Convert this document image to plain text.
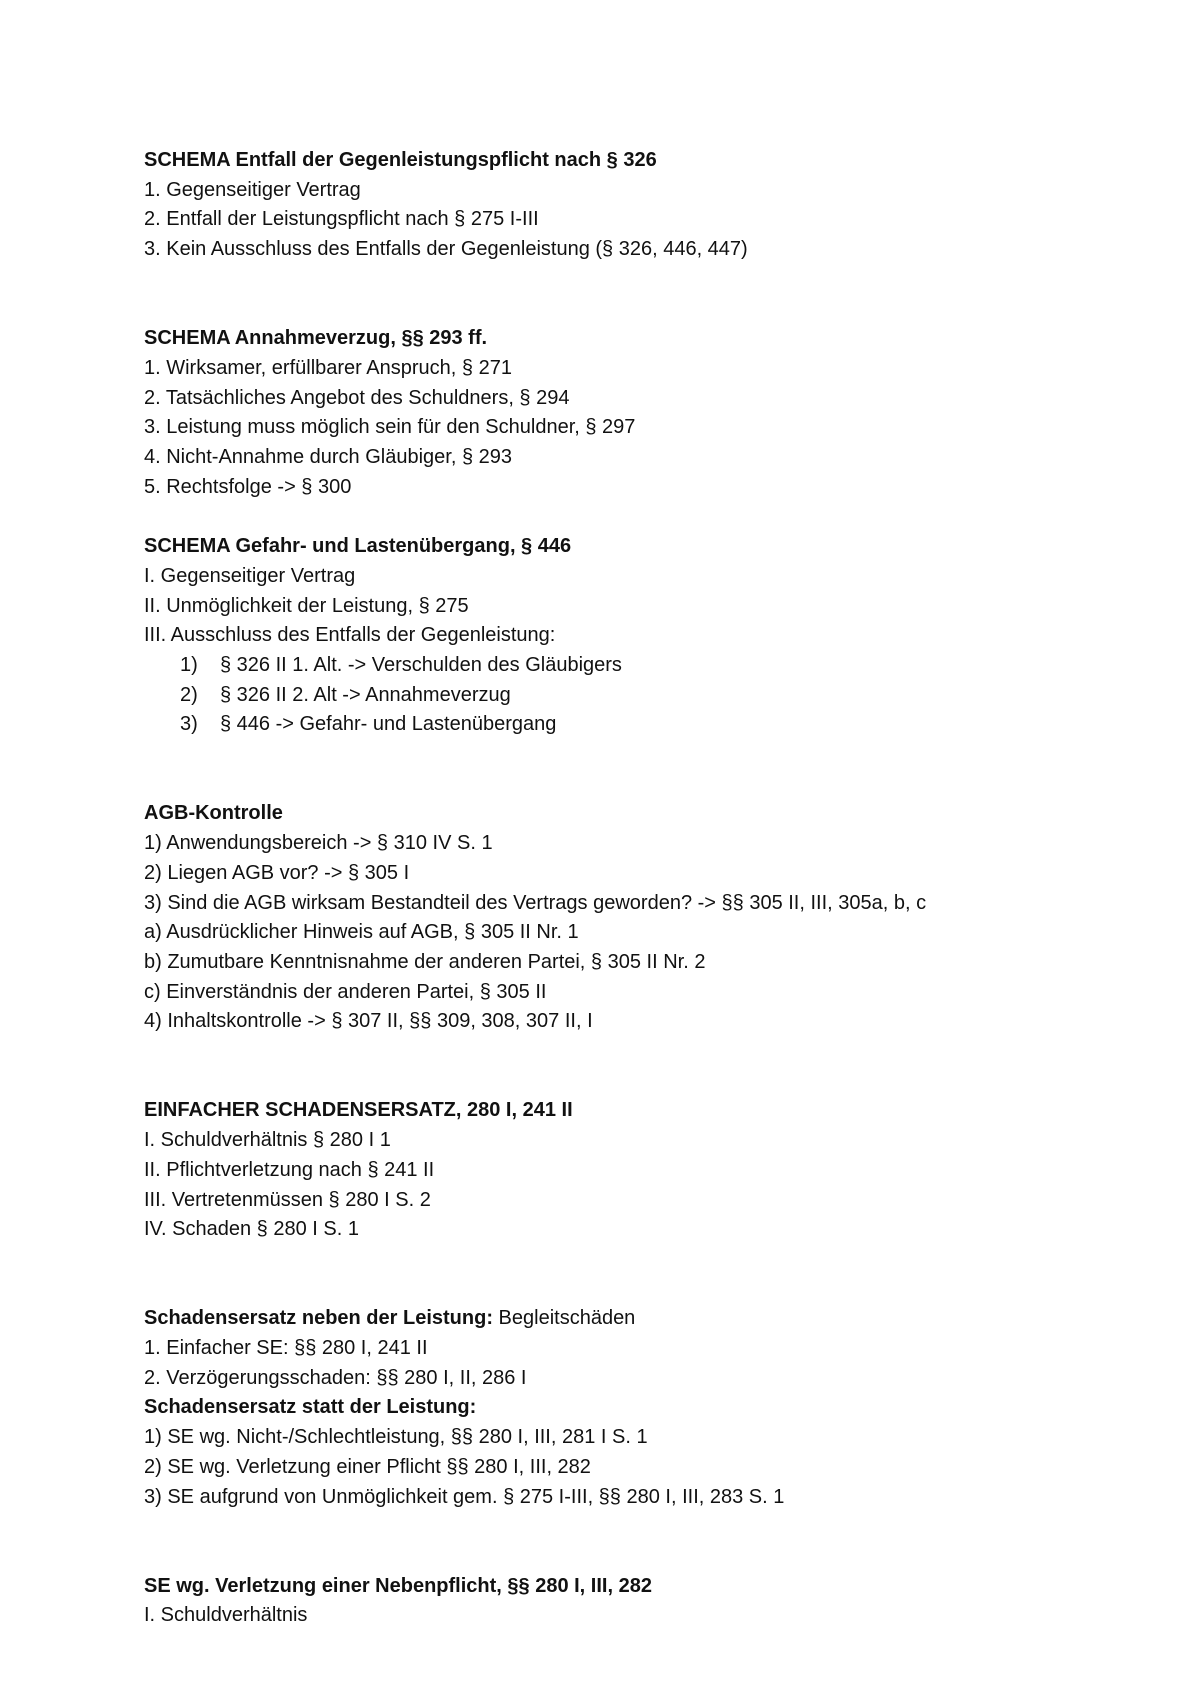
SCHEMA Entfall der Gegenleistungspflicht nach § 326
1. Gegenseitiger Vertrag
2. Entfall der Leistungspflicht nach § 275 I-III
3. Kein Ausschluss des Entfalls der Gegenleistung (§ 326, 446, 447)
SCHEMA Annahmeverzug, §§ 293 ff.
1. Wirksamer, erfüllbarer Anspruch, § 271
2. Tatsächliches Angebot des Schuldners, § 294
3. Leistung muss möglich sein für den Schuldner, § 297
4. Nicht-Annahme durch Gläubiger, § 293
5. Rechtsfolge -> § 300
SCHEMA Gefahr- und Lastenübergang, § 446
I. Gegenseitiger Vertrag
II. Unmöglichkeit der Leistung, § 275
III. Ausschluss des Entfalls der Gegenleistung:
1) § 326 II 1. Alt. -> Verschulden des Gläubigers
2) § 326 II 2. Alt -> Annahmeverzug
3) § 446 -> Gefahr- und Lastenübergang
AGB-Kontrolle
1) Anwendungsbereich -> § 310 IV S. 1
2) Liegen AGB vor? -> § 305 I
3) Sind die AGB wirksam Bestandteil des Vertrags geworden? -> §§ 305 II, III, 305a, b, c
a) Ausdrücklicher Hinweis auf AGB, § 305 II Nr. 1
b) Zumutbare Kenntnisnahme der anderen Partei, § 305 II Nr. 2
c) Einverständnis der anderen Partei, § 305 II
4) Inhaltskontrolle -> § 307 II, §§ 309, 308, 307 II, I
EINFACHER SCHADENSERSATZ, 280 I, 241 II
I. Schuldverhältnis § 280 I 1
II. Pflichtverletzung nach § 241 II
III. Vertretenmüssen § 280 I S. 2
IV. Schaden § 280 I S. 1
Schadensersatz neben der Leistung: Begleitschäden
1. Einfacher SE: §§ 280 I, 241 II
2. Verzögerungsschaden: §§ 280 I, II, 286 I
Schadensersatz statt der Leistung:
1) SE wg. Nicht-/Schlechtleistung, §§ 280 I, III, 281 I S. 1
2) SE wg. Verletzung einer Pflicht §§ 280 I, III, 282
3) SE aufgrund von Unmöglichkeit gem. § 275 I-III, §§ 280 I, III, 283 S. 1
SE wg. Verletzung einer Nebenpflicht, §§ 280 I, III, 282
I. Schuldverhältnis
